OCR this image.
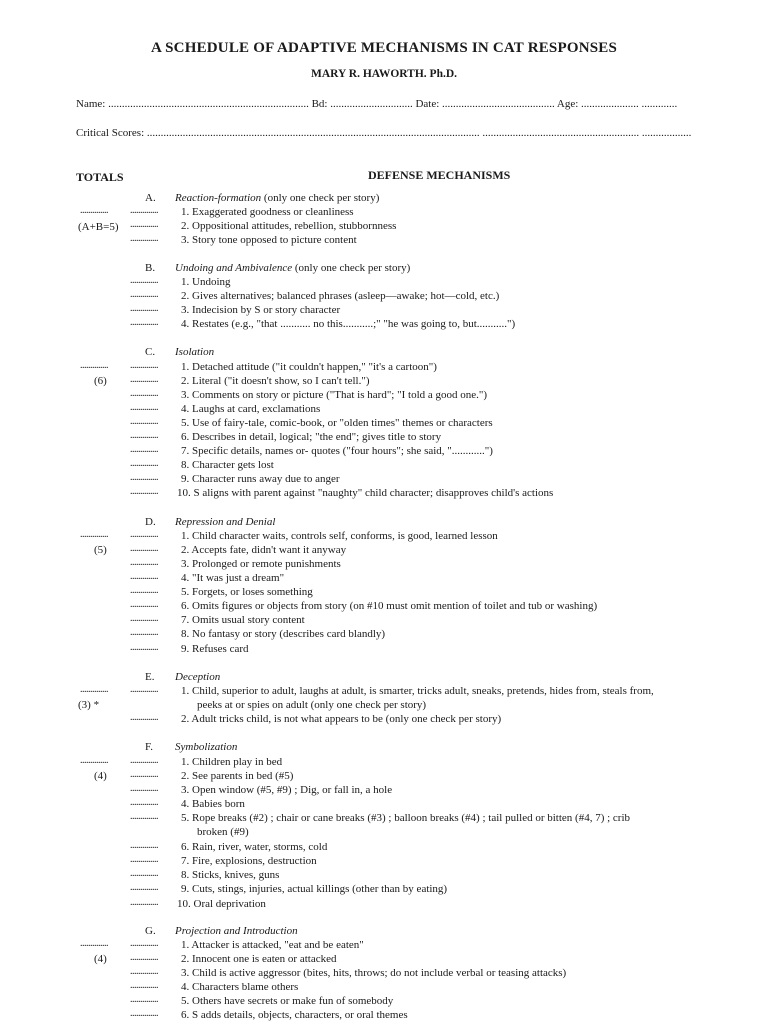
A SCHEDULE OF ADAPTIVE MECHANISMS IN CAT RESPONSES
MARY R. HAWORTH. Ph.D.
Name: ......................................................................... Bd: .............................. Date: ......................................... Age: ..................... .............
Critical Scores: ......................................................................................................................... ......................................................... ..................
TOTALS	DEFENSE MECHANISMS
A. Reaction-formation (only one check per story)
..............
(A+B=5)
.............. 1. Exaggerated goodness or cleanliness
.............. 2. Oppositional attitudes, rebellion, stubbornness
.............. 3. Story tone opposed to picture content
B. Undoing and Ambivalence (only one check per story)
.............. 1. Undoing
.............. 2. Gives alternatives; balanced phrases (asleep—awake; hot—cold, etc.)
.............. 3. Indecision by S or story character
.............. 4. Restates (e.g., "that ........... no this...........;" "he was going to, but...........")
C. Isolation
..............
(6)
.............. 1. Detached attitude ("it couldn't happen," "it's a cartoon")
.............. 2. Literal ("it doesn't show, so I can't tell.")
.............. 3. Comments on story or picture ("That is hard"; "I told a good one.")
.............. 4. Laughs at card, exclamations
.............. 5. Use of fairy-tale, comic-book, or "olden times" themes or characters
.............. 6. Describes in detail, logical; "the end"; gives title to story
.............. 7. Specific details, names or- quotes ("four hours"; she said, "............")
.............. 8. Character gets lost
.............. 9. Character runs away due to anger
.............. 10. S aligns with parent against "naughty" child character; disapproves child's actions
D. Repression and Denial
..............
(5)
.............. 1. Child character waits, controls self, conforms, is good, learned lesson
.............. 2. Accepts fate, didn't want it anyway
.............. 3. Prolonged or remote punishments
.............. 4. "It was just a dream"
.............. 5. Forgets, or loses something
.............. 6. Omits figures or objects from story (on #10 must omit mention of toilet and tub or washing)
.............. 7. Omits usual story content
.............. 8. No fantasy or story (describes card blandly)
.............. 9. Refuses card
E. Deception
..............
(3) *
.............. 1. Child, superior to adult, laughs at adult, is smarter, tricks adult, sneaks, pretends, hides from, steals from,
.............. 2. Adult tricks child, is not what appears to be (only one check per story)
peeks at or spies on adult (only one check per story)
F. Symbolization
..............
(4)
.............. 1. Children play in bed
.............. 2. See parents in bed (#5)
.............. 3. Open window (#5, #9) ; Dig, or fall in, a hole
.............. 4. Babies born
.............. 5. Rope breaks (#2) ; chair or cane breaks (#3) ; balloon breaks (#4) ; tail pulled or bitten (#4, 7) ; crib
.............. 6. Rain, river, water, storms, cold
.............. 7. Fire, explosions, destruction
.............. 8. Sticks, knives, guns
.............. 9. Cuts, stings, injuries, actual killings (other than by eating)
.............. 10. Oral deprivation
broken (#9)
G. Projection and Introduction
..............
(4)
.............. 1. Attacker is attacked, "eat and be eaten"
.............. 2. Innocent one is eaten or attacked
.............. 3. Child is active aggressor (bites, hits, throws; do not include verbal or teasing attacks)
.............. 4. Characters blame others
.............. 5. Others have secrets or make fun of somebody
.............. 6. S adds details, objects, characters, or oral themes
